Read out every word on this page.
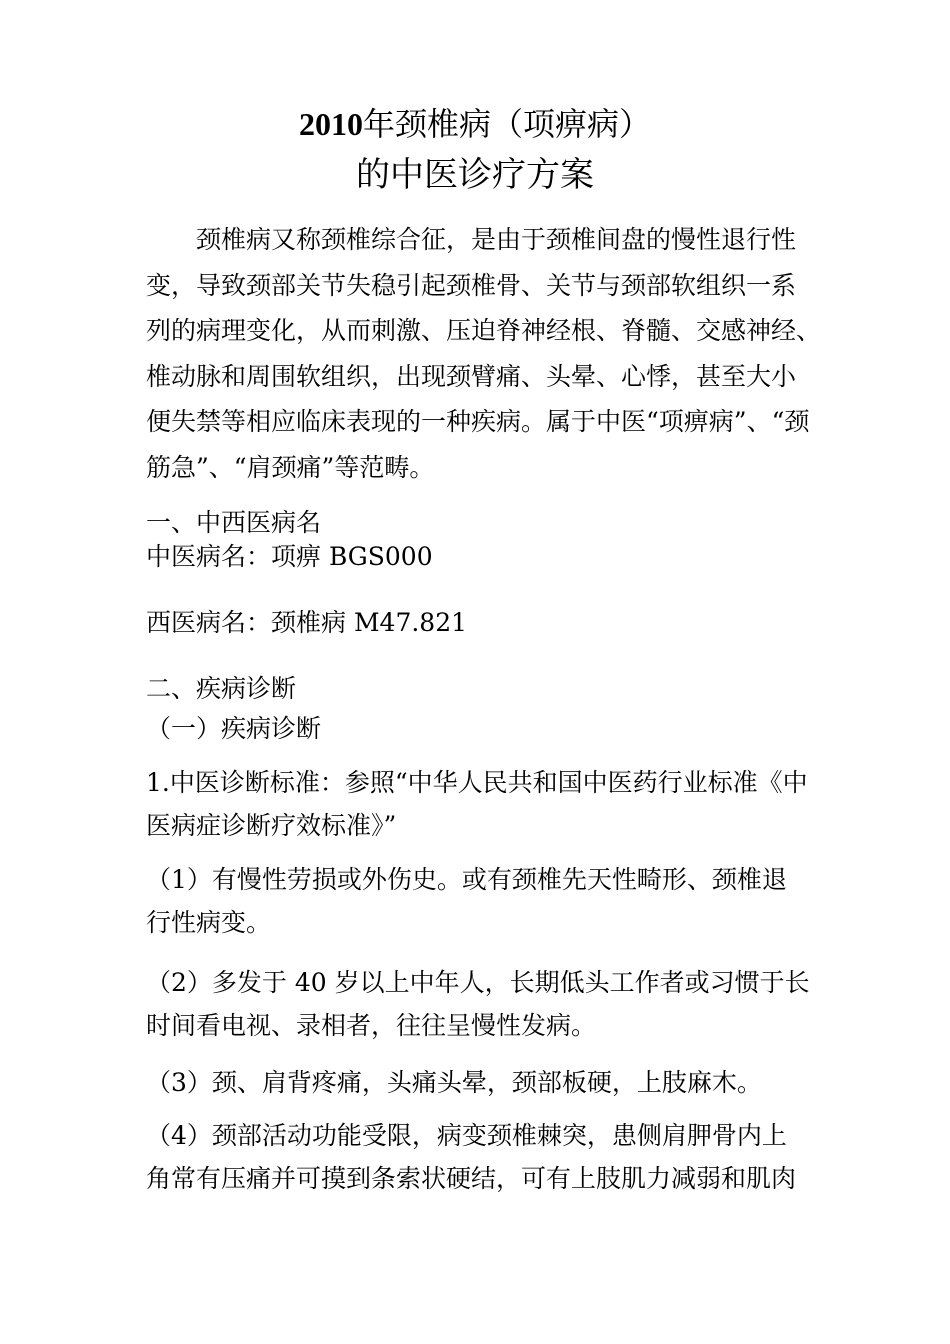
2010年颈椎病（项痹病）
的中医诊疗方案
　　颈椎病又称颈椎综合征，是由于颈椎间盘的慢性退行性
变，导致颈部关节失稳引起颈椎骨、关节与颈部软组织一系
列的病理变化，从而刺激、压迫脊神经根、脊髓、交感神经、
椎动脉和周围软组织，出现颈臂痛、头晕、心悸，甚至大小
便失禁等相应临床表现的一种疾病。属于中医“项痹病”、“颈
筋急”、“肩颈痛”等范畴。
一、中西医病名
中医病名：项痹 BGS000
西医病名：颈椎病 M47.821
二、疾病诊断
（一）疾病诊断
1.中医诊断标准：参照“中华人民共和国中医药行业标准《中
医病症诊断疗效标准》”
（1）有慢性劳损或外伤史。或有颈椎先天性畸形、颈椎退
行性病变。
（2）多发于 40 岁以上中年人，长期低头工作者或习惯于长
时间看电视、录相者，往往呈慢性发病。
（3）颈、肩背疼痛，头痛头晕，颈部板硬，上肢麻木。
（4）颈部活动功能受限，病变颈椎棘突，患侧肩胛骨内上
角常有压痛并可摸到条索状硬结，可有上肢肌力减弱和肌肉
